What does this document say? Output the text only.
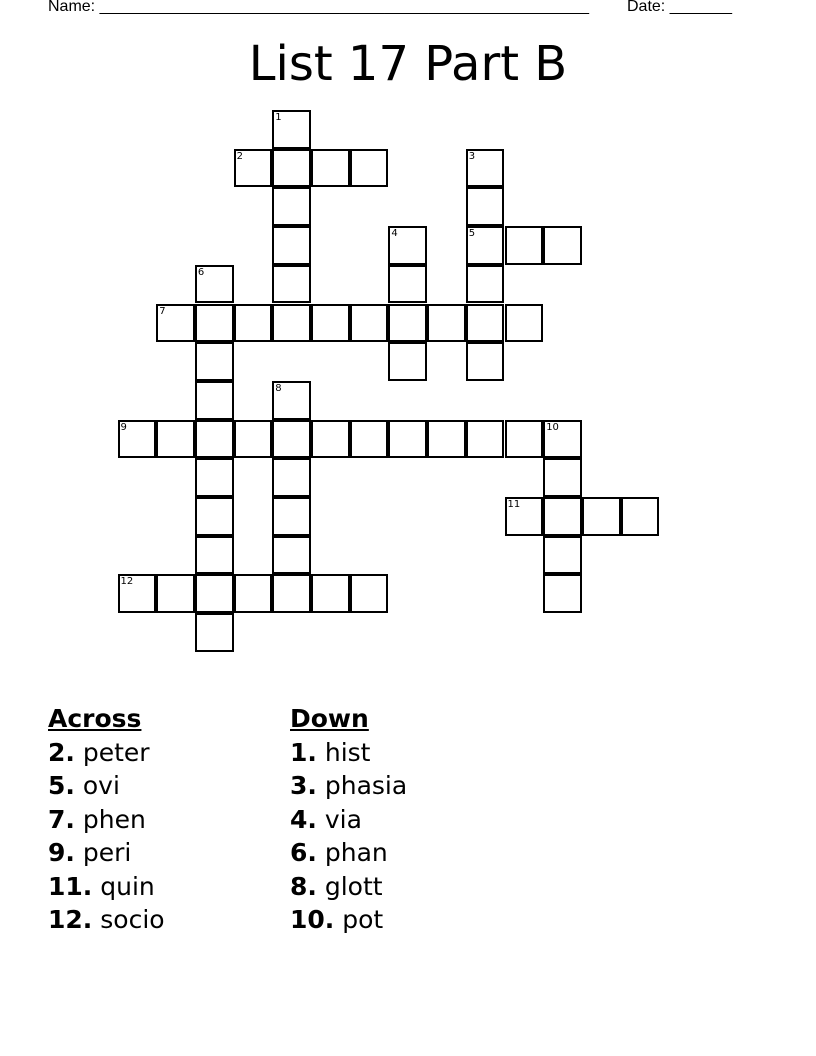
Name: _______________________________________________________ Date: _______
List 17 Part B
1
2	3
4	5
6
7
8
9	10
11
12
Across
2. peter
5. ovi
7. phen
9. peri
11. quin
12. socio
Down
1. hist
3. phasia
4. via
6. phan
8. glott
10. pot
